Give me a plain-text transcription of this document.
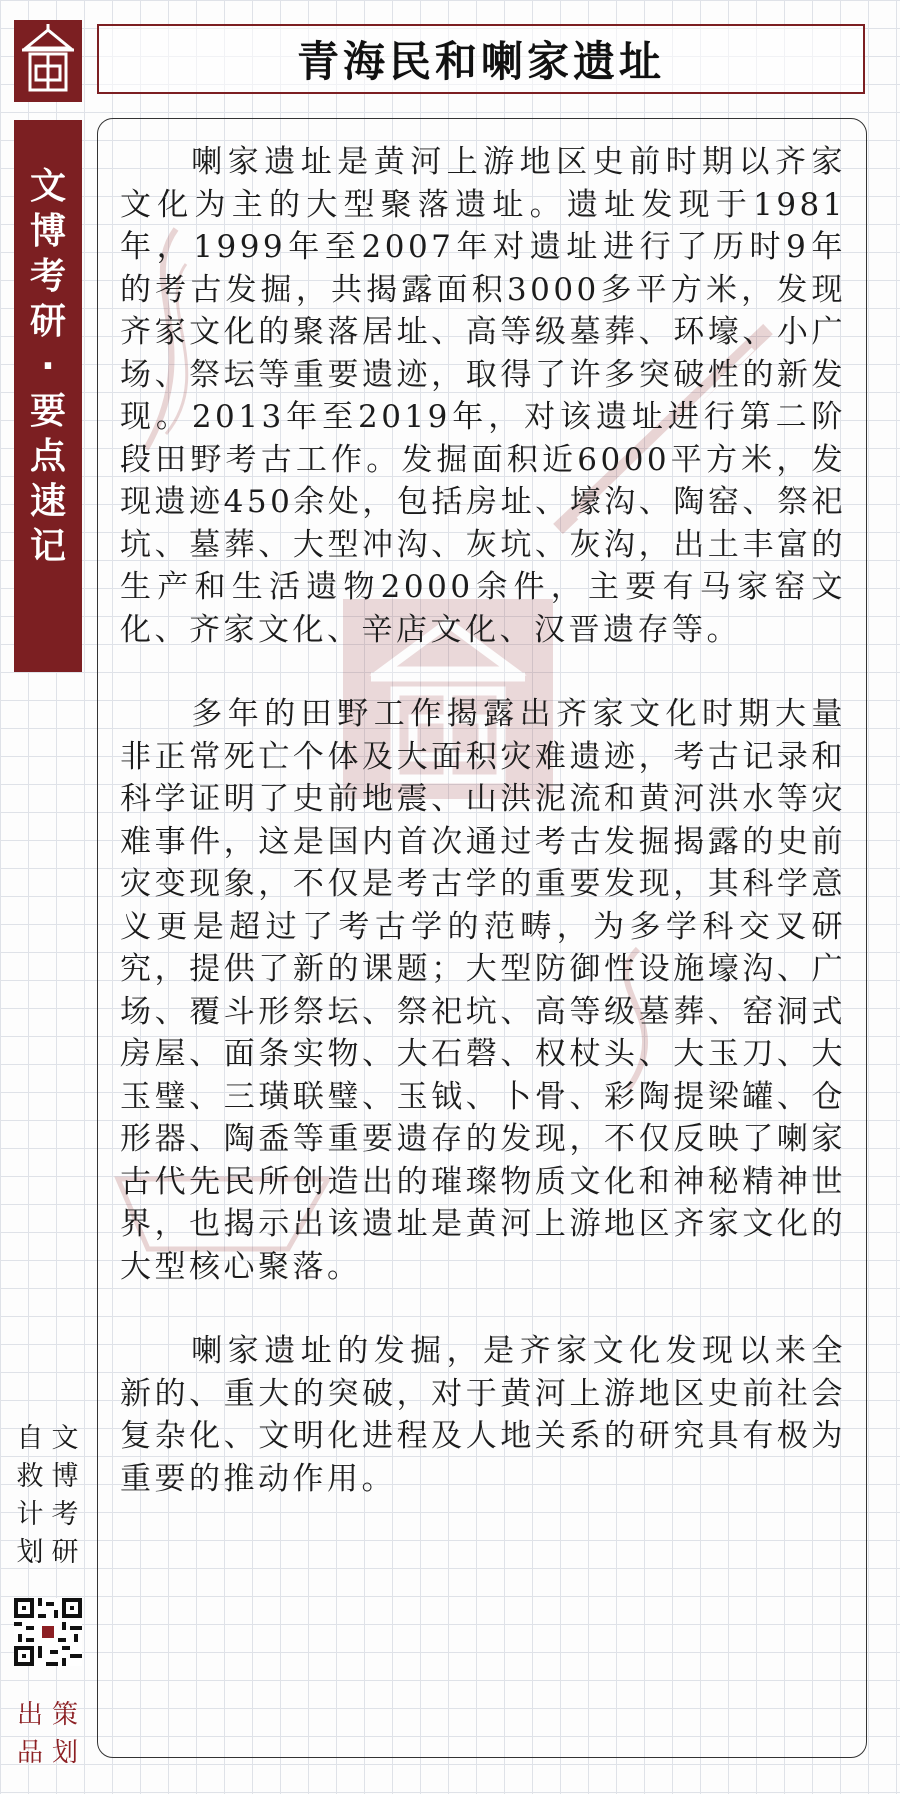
青海民和喇家遗址
文
博
考
研
·
要
点
速
记

喇家遗址是黄河上游地区史前时期以齐家文化为主的大型聚落遗址。遗址发现于1981年，1999年至2007年对遗址进行了历时9年的考古发掘，共揭露面积3000多平方米，发现齐家文化的聚落居址、高等级墓葬、环壕、小广场、祭坛等重要遗迹，取得了许多突破性的新发现。2013年至2019年，对该遗址进行第二阶段田野考古工作。发掘面积近6000平方米，发现遗迹450余处，包括房址、壕沟、陶窑、祭祀坑、墓葬、大型冲沟、灰坑、灰沟，出土丰富的生产和生活遗物2000余件，主要有马家窑文化、齐家文化、辛店文化、汉晋遗存等。

多年的田野工作揭露出齐家文化时期大量非正常死亡个体及大面积灾难遗迹，考古记录和科学证明了史前地震、山洪泥流和黄河洪水等灾难事件，这是国内首次通过考古发掘揭露的史前灾变现象，不仅是考古学的重要发现，其科学意义更是超过了考古学的范畴，为多学科交叉研究，提供了新的课题；大型防御性设施壕沟、广场、覆斗形祭坛、祭祀坑、高等级墓葬、窑洞式房屋、面条实物、大石磬、权杖头、大玉刀、大玉璧、三璜联璧、玉钺、卜骨、彩陶提梁罐、仓形器、陶盉等重要遗存的发现，不仅反映了喇家古代先民所创造出的璀璨物质文化和神秘精神世界，也揭示出该遗址是黄河上游地区齐家文化的大型核心聚落。

喇家遗址的发掘，是齐家文化发现以来全新的、重大的突破，对于黄河上游地区史前社会复杂化、文明化进程及人地关系的研究具有极为重要的推动作用。

文
博
考
研
自
救
计
划
策
划
出
品
